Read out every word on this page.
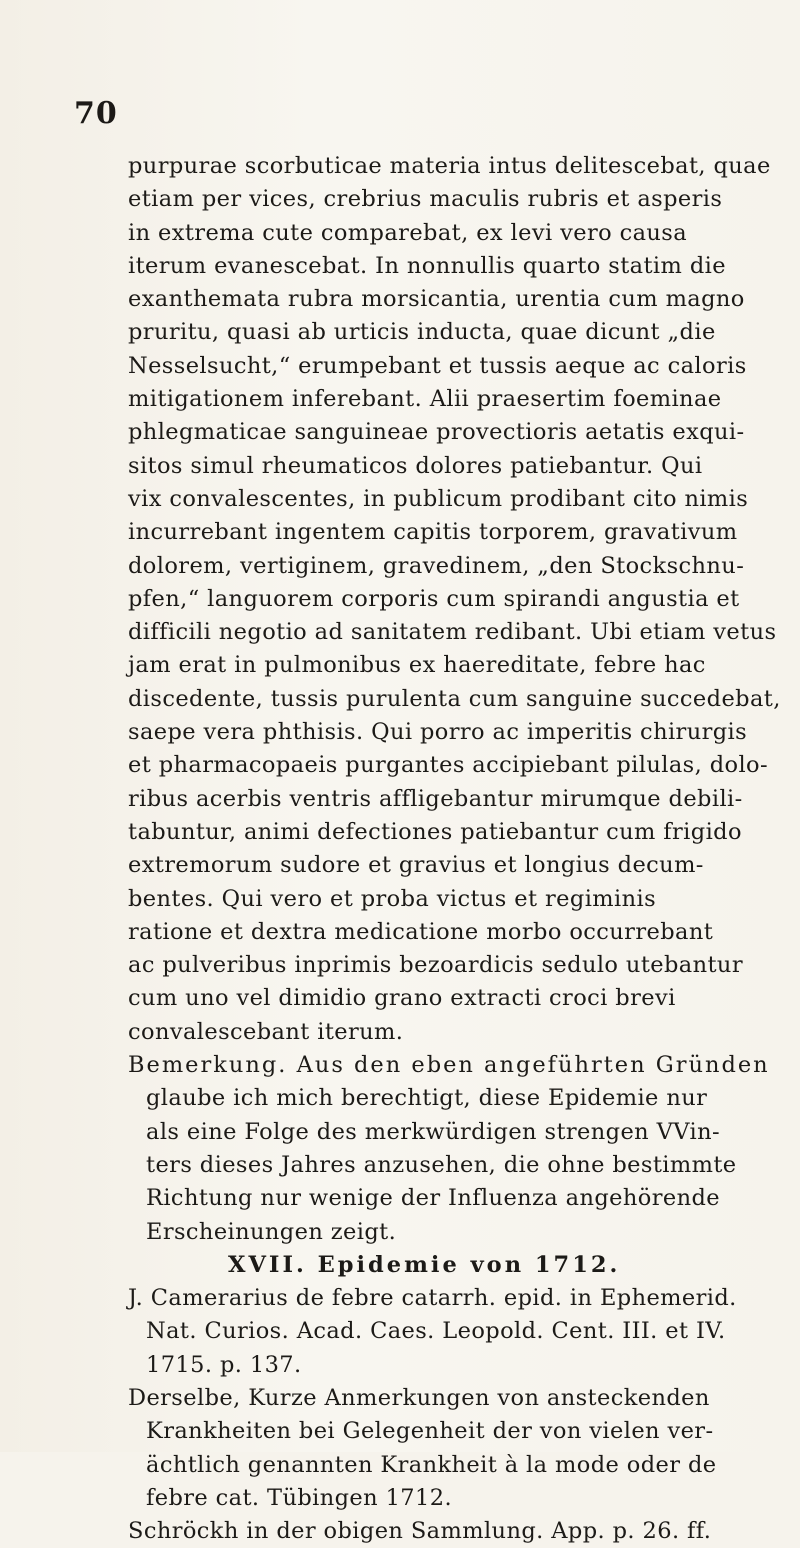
70
purpurae scorbuticae materia intus delitescebat, quae
etiam per vices, crebrius maculis rubris et asperis
in extrema cute comparebat, ex levi vero causa
iterum evanescebat. In nonnullis quarto statim die
exanthemata rubra morsicantia, urentia cum magno
pruritu, quasi ab urticis inducta, quae dicunt „die
Nesselsucht,“ erumpebant et tussis aeque ac caloris
mitigationem inferebant. Alii praesertim foeminae
phlegmaticae sanguineae provectioris aetatis exqui-
sitos simul rheumaticos dolores patiebantur. Qui
vix convalescentes, in publicum prodibant cito nimis
incurrebant ingentem capitis torporem, gravativum
dolorem, vertiginem, gravedinem, „den Stockschnu-
pfen,“ languorem corporis cum spirandi angustia et
difficili negotio ad sanitatem redibant. Ubi etiam vetus
jam erat in pulmonibus ex haereditate, febre hac
discedente, tussis purulenta cum sanguine succedebat,
saepe vera phthisis. Qui porro ac imperitis chirurgis
et pharmacopaeis purgantes accipiebant pilulas, dolo-
ribus acerbis ventris affligebantur mirumque debili-
tabuntur, animi defectiones patiebantur cum frigido
extremorum sudore et gravius et longius decum-
bentes. Qui vero et proba victus et regiminis
ratione et dextra medicatione morbo occurrebant
ac pulveribus inprimis bezoardicis sedulo utebantur
cum uno vel dimidio grano extracti croci brevi
convalescebant iterum.
Bemerkung. Aus den eben angeführten Gründen
glaube ich mich berechtigt, diese Epidemie nur
als eine Folge des merkwürdigen strengen VVin-
ters dieses Jahres anzusehen, die ohne bestimmte
Richtung nur wenige der Influenza angehörende
Erscheinungen zeigt.
XVII. Epidemie von 1712.
J. Camerarius de febre catarrh. epid. in Ephemerid.
Nat. Curios. Acad. Caes. Leopold. Cent. III. et IV.
1715. p. 137.
Derselbe, Kurze Anmerkungen von ansteckenden
Krankheiten bei Gelegenheit der von vielen ver-
ächtlich genannten Krankheit à la mode oder de
febre cat. Tübingen 1712.
Schröckh in der obigen Sammlung. App. p. 26. ff.
